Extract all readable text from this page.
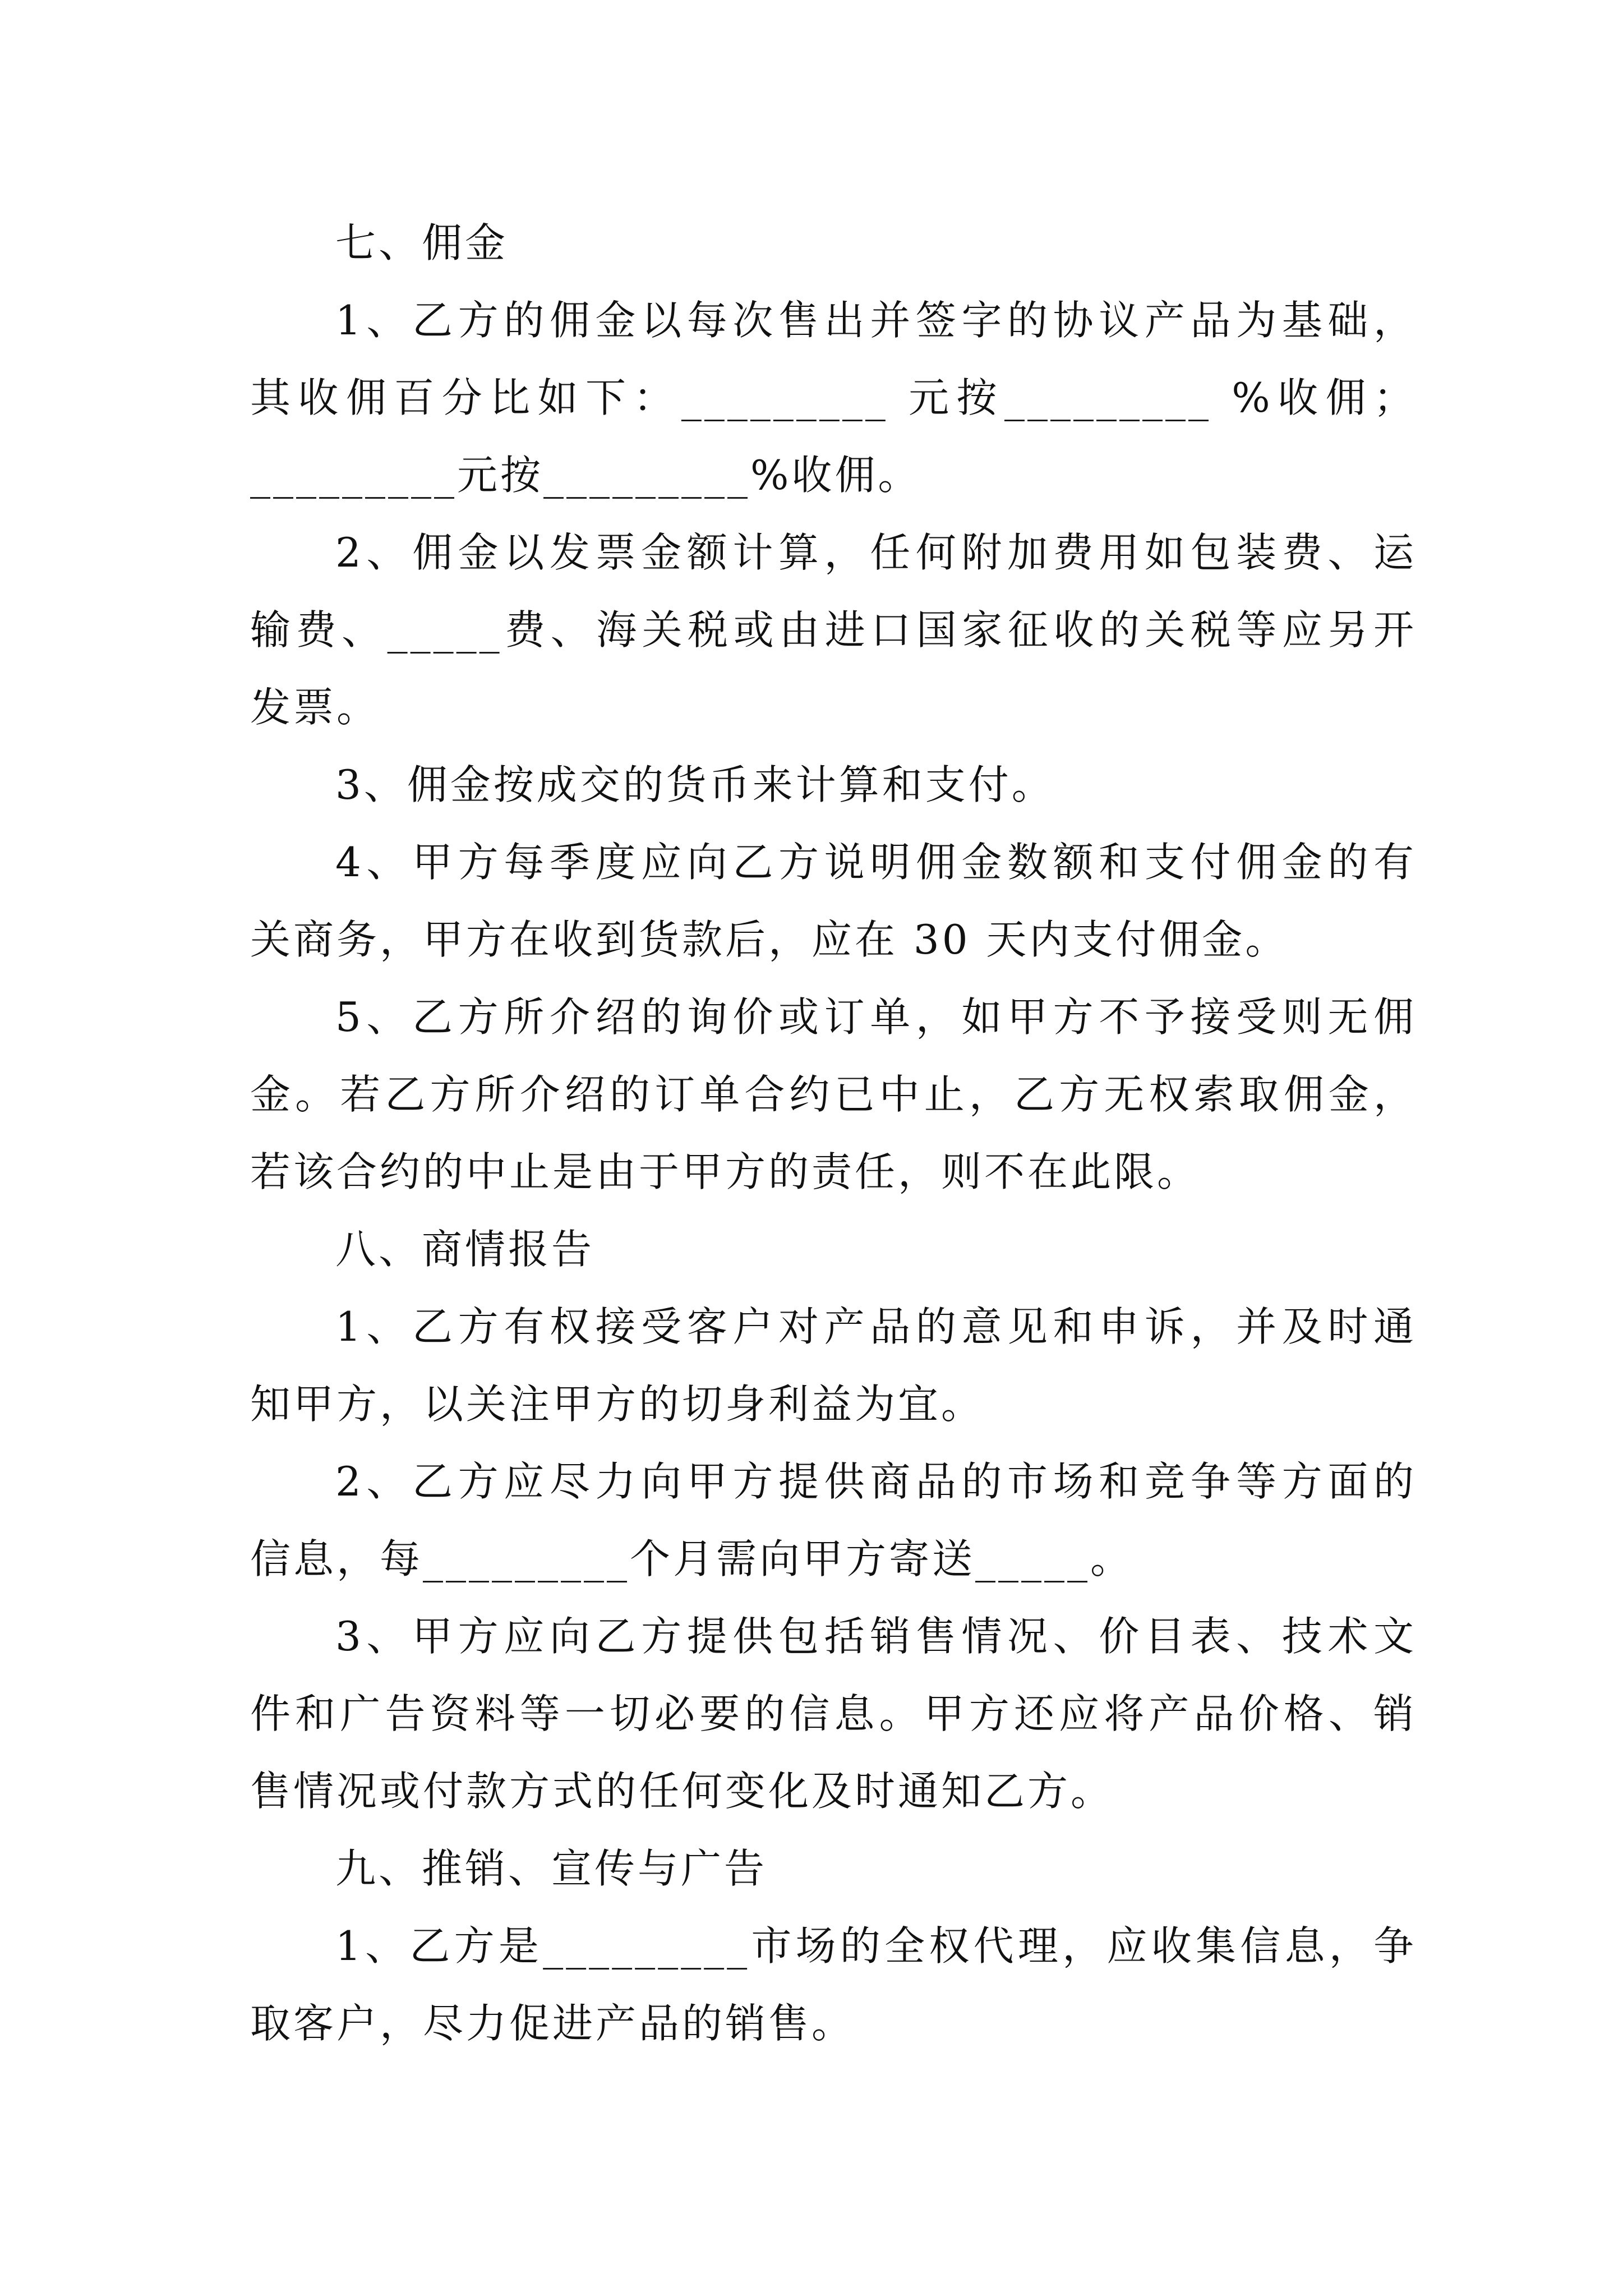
七、佣金
1、乙方的佣金以每次售出并签字的协议产品为基础，
其收佣百分比如下：_________ 元按_________ %收佣；
_________元按_________%收佣。
2、佣金以发票金额计算，任何附加费用如包装费、运
输费、_____费、海关税或由进口国家征收的关税等应另开
发票。
3、佣金按成交的货币来计算和支付。
4、甲方每季度应向乙方说明佣金数额和支付佣金的有
关商务，甲方在收到货款后，应在 30 天内支付佣金。
5、乙方所介绍的询价或订单，如甲方不予接受则无佣
金。若乙方所介绍的订单合约已中止，乙方无权索取佣金，
若该合约的中止是由于甲方的责任，则不在此限。
八、商情报告
1、乙方有权接受客户对产品的意见和申诉，并及时通
知甲方，以关注甲方的切身利益为宜。
2、乙方应尽力向甲方提供商品的市场和竞争等方面的
信息，每_________个月需向甲方寄送_____。
3、甲方应向乙方提供包括销售情况、价目表、技术文
件和广告资料等一切必要的信息。甲方还应将产品价格、销
售情况或付款方式的任何变化及时通知乙方。
九、推销、宣传与广告
1、乙方是_________市场的全权代理，应收集信息，争
取客户，尽力促进产品的销售。
